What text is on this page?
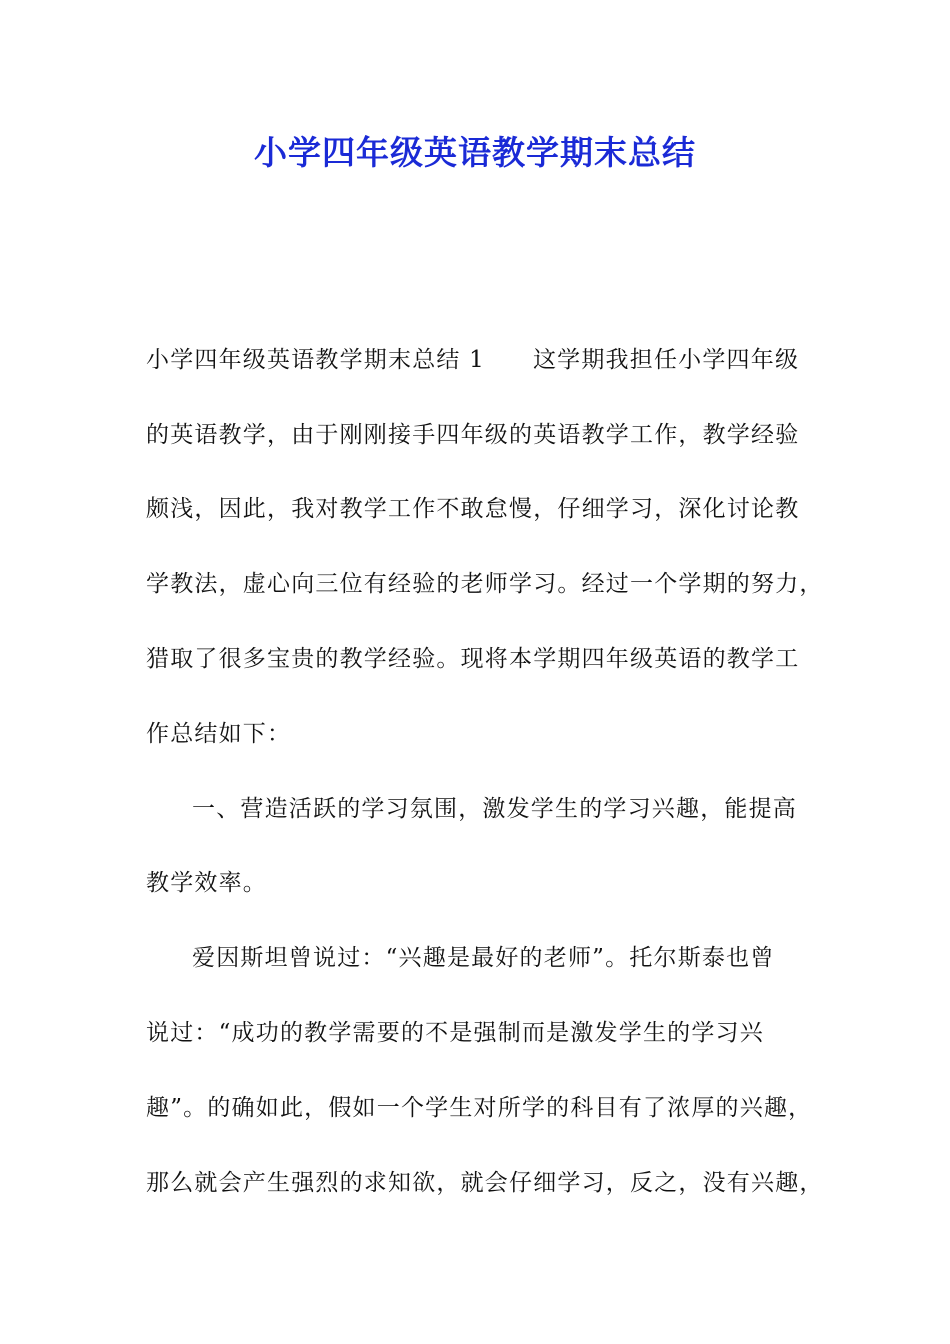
小学四年级英语教学期末总结
小学四年级英语教学期末总结 1 这学期我担任小学四年级
的英语教学，由于刚刚接手四年级的英语教学工作，教学经验
颇浅，因此，我对教学工作不敢怠慢，仔细学习，深化讨论教
学教法，虚心向三位有经验的老师学习。经过一个学期的努力，
猎取了很多宝贵的教学经验。现将本学期四年级英语的教学工
作总结如下：
一、营造活跃的学习氛围，激发学生的学习兴趣，能提高
教学效率。
爱因斯坦曾说过：“兴趣是最好的老师”。托尔斯泰也曾
说过：“成功的教学需要的不是强制而是激发学生的学习兴
趣”。的确如此，假如一个学生对所学的科目有了浓厚的兴趣，
那么就会产生强烈的求知欲，就会仔细学习，反之，没有兴趣，
